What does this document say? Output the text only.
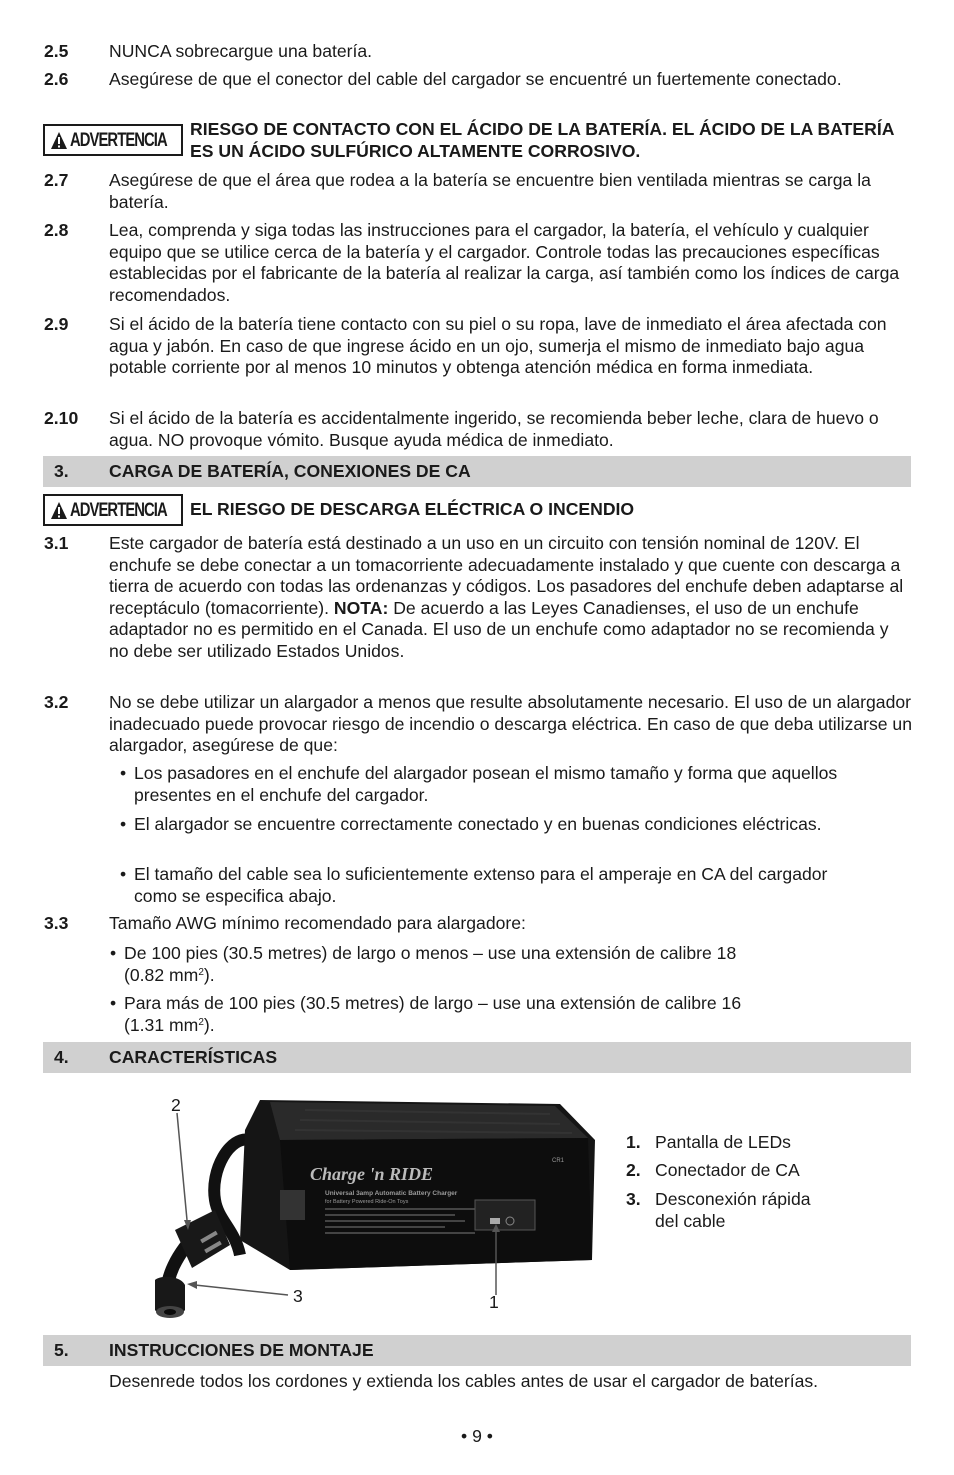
2.5 NUNCA sobrecargue una batería.
2.6 Asegúrese de que el conector del cable del cargador se encuentré un fuertemente conectado.
ADVERTENCIA
RIESGO DE CONTACTO CON EL ÁCIDO DE LA BATERÍA. EL ÁCIDO DE LA BATERÍA ES UN ÁCIDO SULFÚRICO ALTAMENTE CORROSIVO.
2.7 Asegúrese de que el área que rodea a la batería se encuentre bien ventilada mientras se carga la batería.
2.8 Lea, comprenda y siga todas las instrucciones para el cargador, la batería, el vehículo y cualquier equipo que se utilice cerca de la batería y el cargador. Controle todas las precauciones específicas establecidas por el fabricante de la batería al realizar la carga, así también como los índices de carga recomendados.
2.9 Si el ácido de la batería tiene contacto con su piel o su ropa, lave de inmediato el área afectada con agua y jabón. En caso de que ingrese ácido en un ojo, sumerja el mismo de inmediato bajo agua potable corriente por al menos 10 minutos y obtenga atención médica en forma inmediata.
2.10 Si el ácido de la batería es accidentalmente ingerido, se recomienda beber leche, clara de huevo o agua. NO provoque vómito. Busque ayuda médica de inmediato.
3. CARGA DE BATERÍA, CONEXIONES DE CA
ADVERTENCIA EL RIESGO DE DESCARGA ELÉCTRICA O INCENDIO
3.1 Este cargador de batería está destinado a un uso en un circuito con tensión nominal de 120V. El enchufe se debe conectar a un tomacorriente adecuadamente instalado y que cuente con descarga a tierra de acuerdo con todas las ordenanzas y códigos. Los pasadores del enchufe deben adaptarse al receptáculo (tomacorriente). NOTA: De acuerdo a las Leyes Canadienses, el uso de un enchufe adaptador no es permitido en el Canada. El uso de un enchufe como adaptador no se recomienda y no debe ser utilizado Estados Unidos.
3.2 No se debe utilizar un alargador a menos que resulte absolutamente necesario. El uso de un alargador inadecuado puede provocar riesgo de incendio o descarga eléctrica. En caso de que deba utilizarse un alargador, asegúrese de que:
• Los pasadores en el enchufe del alargador posean el mismo tamaño y forma que aquellos presentes en el enchufe del cargador.
• El alargador se encuentre correctamente conectado y en buenas condiciones eléctricas.
• El tamaño del cable sea lo suficientemente extenso para el amperaje en CA del cargador como se especifica abajo.
3.3 Tamaño AWG mínimo recomendado para alargadore:
• De 100 pies (30.5 metres) de largo o menos – use una extensión de calibre 18
(0.82 $mm^2$).
• Para más de 100 pies (30.5 metres) de largo – use una extensión de calibre 16
(1.31 $mm^2$).
4. CARACTERÍSTICAS
Charge 'n RIDE
Universal 3amp Automatic Battery Charger
for Battery Powered Ride-On Toys
CR1
2
3	1
1. Pantalla de LEDs
2. Conectador de CA
3. Desconexión rápida del cable
5. INSTRUCCIONES DE MONTAJE
Desenrede todos los cordones y extienda los cables antes de usar el cargador de baterías.
• 9 •
